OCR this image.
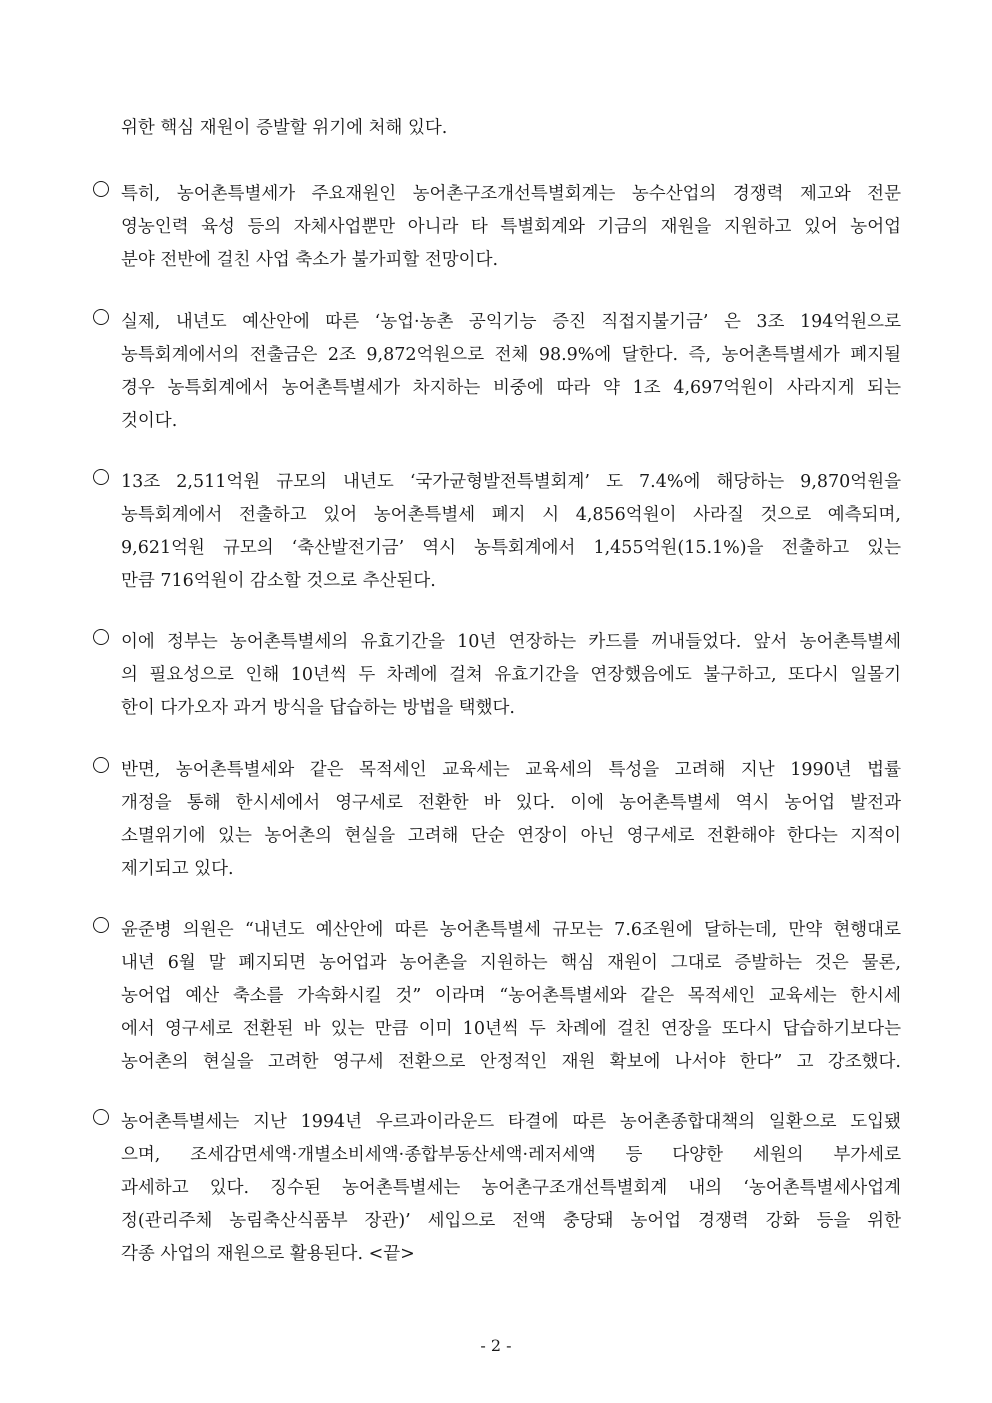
위한 핵심 재원이 증발할 위기에 처해 있다.
특히, 농어촌특별세가 주요재원인 농어촌구조개선특별회계는 농수산업의 경쟁력 제고와 전문
영농인력 육성 등의 자체사업뿐만 아니라 타 특별회계와 기금의 재원을 지원하고 있어 농어업
분야 전반에 걸친 사업 축소가 불가피할 전망이다.
실제, 내년도 예산안에 따른 ‘농업·농촌 공익기능 증진 직접지불기금’ 은 3조 194억원으로
농특회계에서의 전출금은 2조 9,872억원으로 전체 98.9%에 달한다. 즉, 농어촌특별세가 폐지될
경우 농특회계에서 농어촌특별세가 차지하는 비중에 따라 약 1조 4,697억원이 사라지게 되는
것이다.
13조 2,511억원 규모의 내년도 ‘국가균형발전특별회계’ 도 7.4%에 해당하는 9,870억원을
농특회계에서 전출하고 있어 농어촌특별세 폐지 시 4,856억원이 사라질 것으로 예측되며,
9,621억원 규모의 ‘축산발전기금’ 역시 농특회계에서 1,455억원(15.1%)을 전출하고 있는
만큼 716억원이 감소할 것으로 추산된다.
이에 정부는 농어촌특별세의 유효기간을 10년 연장하는 카드를 꺼내들었다. 앞서 농어촌특별세
의 필요성으로 인해 10년씩 두 차례에 걸쳐 유효기간을 연장했음에도 불구하고, 또다시 일몰기
한이 다가오자 과거 방식을 답습하는 방법을 택했다.
반면, 농어촌특별세와 같은 목적세인 교육세는 교육세의 특성을 고려해 지난 1990년 법률
개정을 통해 한시세에서 영구세로 전환한 바 있다. 이에 농어촌특별세 역시 농어업 발전과
소멸위기에 있는 농어촌의 현실을 고려해 단순 연장이 아닌 영구세로 전환해야 한다는 지적이
제기되고 있다.
윤준병 의원은 “내년도 예산안에 따른 농어촌특별세 규모는 7.6조원에 달하는데, 만약 현행대로
내년 6월 말 폐지되면 농어업과 농어촌을 지원하는 핵심 재원이 그대로 증발하는 것은 물론,
농어업 예산 축소를 가속화시킬 것” 이라며 “농어촌특별세와 같은 목적세인 교육세는 한시세
에서 영구세로 전환된 바 있는 만큼 이미 10년씩 두 차례에 걸친 연장을 또다시 답습하기보다는
농어촌의 현실을 고려한 영구세 전환으로 안정적인 재원 확보에 나서야 한다” 고 강조했다.
농어촌특별세는 지난 1994년 우르과이라운드 타결에 따른 농어촌종합대책의 일환으로 도입됐
으며, 조세감면세액·개별소비세액·종합부동산세액·레저세액 등 다양한 세원의 부가세로
과세하고 있다. 징수된 농어촌특별세는 농어촌구조개선특별회계 내의 ‘농어촌특별세사업계
정(관리주체 농림축산식품부 장관)’ 세입으로 전액 충당돼 농어업 경쟁력 강화 등을 위한
각종 사업의 재원으로 활용된다. <끝>
- 2 -
